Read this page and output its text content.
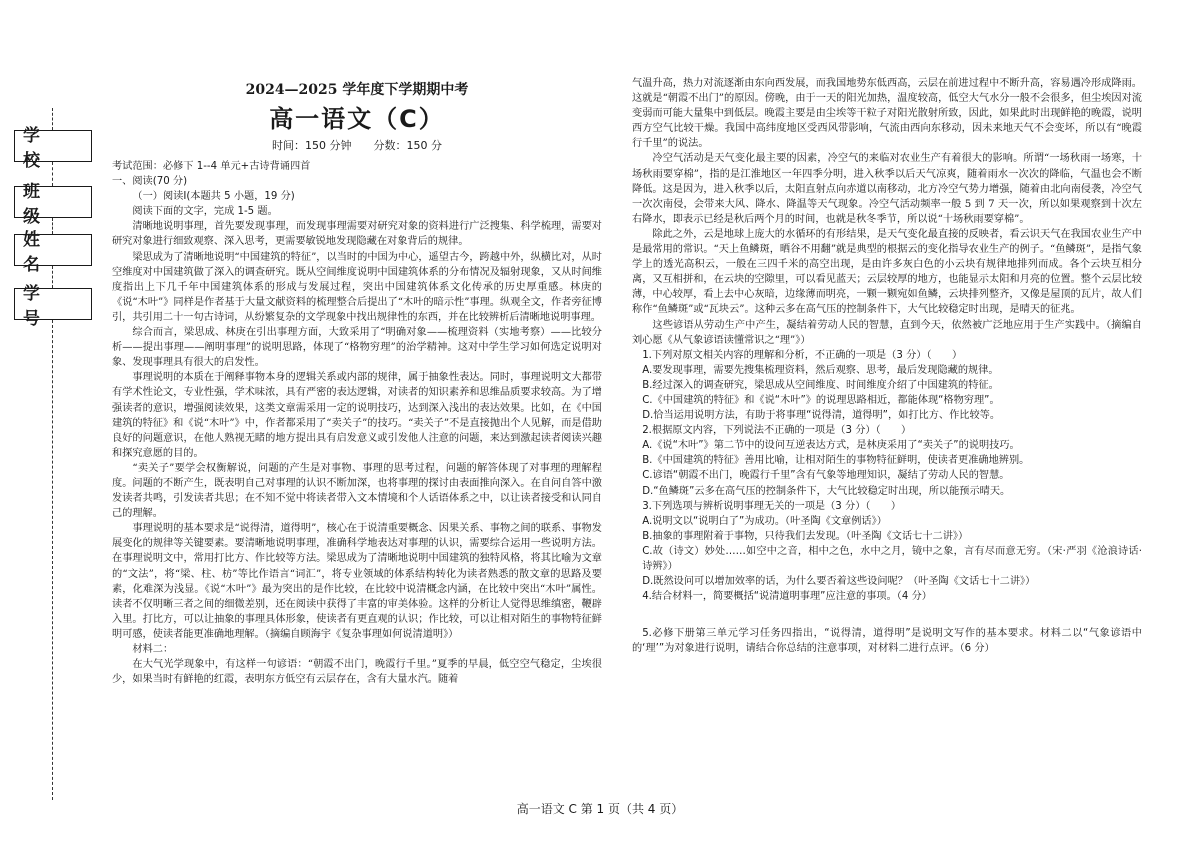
学 校
班 级
姓 名
学 号
2024—2025 学年度下学期期中考
高一语文（C）
时间：150 分钟　　分数：150 分

考试范围：必修下 1--4 单元+古诗背诵四首

一、阅读(70 分)

（一）阅读Ⅰ(本题共 5 小题，19 分)

阅读下面的文字，完成 1-5 题。

清晰地说明事理，首先要发现事理，而发现事理需要对研究对象的资料进行广泛搜集、科学梳理，需要对研究对象进行细致观察、深入思考，更需要敏锐地发现隐藏在对象背后的规律。

梁思成为了清晰地说明“中国建筑的特征”，以当时的中国为中心，遥望古今，跨越中外，纵横比对，从时空维度对中国建筑做了深入的调查研究。既从空间维度说明中国建筑体系的分布情况及辐射现象，又从时间维度指出上下几千年中国建筑体系的形成与发展过程，突出中国建筑体系文化传承的历史厚重感。林庚的《说“木叶”》同样是作者基于大量文献资料的梳理整合后提出了“木叶的暗示性”事理。纵观全文，作者旁征博引，共引用二十一句古诗词，从纷繁复杂的文学现象中找出规律性的东西，并在比较辨析后清晰地说明事理。

综合而言，梁思成、林庚在引出事理方面，大致采用了“明确对象——梳理资料（实地考察）——比较分析——提出事理——阐明事理”的说明思路，体现了“格物穷理”的治学精神。这对中学生学习如何选定说明对象、发现事理具有很大的启发性。

事理说明的本质在于阐释事物本身的逻辑关系或内部的规律，属于抽象性表达。同时，事理说明文大都带有学术性论文，专业性强，学术味浓，具有严密的表达逻辑，对读者的知识素养和思维品质要求较高。为了增强读者的意识，增强阅读效果，这类文章需采用一定的说明技巧，达到深入浅出的表达效果。比如，在《中国建筑的特征》和《说“木叶”》中，作者都采用了“卖关子”的技巧。“卖关子”不是直接抛出个人见解，而是借助良好的问题意识，在他人熟视无睹的地方提出具有启发意义或引发他人注意的问题，来达到激起读者阅读兴趣和探究意愿的目的。

“卖关子”要学会权衡解说，问题的产生是对事物、事理的思考过程，问题的解答体现了对事理的理解程度。问题的不断产生，既表明自己对事理的认识不断加深，也将事理的探讨由表面推向深入。在自问自答中激发读者共鸣，引发读者共思；在不知不觉中将读者带入文本情境和个人话语体系之中，以让读者接受和认同自己的理解。

事理说明的基本要求是“说得清，道得明”，核心在于说清重要概念、因果关系、事物之间的联系、事物发展变化的规律等关键要素。要清晰地说明事理，准确科学地表达对事理的认识，需要综合运用一些说明方法。在事理说明文中，常用打比方、作比较等方法。梁思成为了清晰地说明中国建筑的独特风格，将其比喻为文章的“文法”，将“梁、柱、枋”等比作语言“词汇”，将专业领域的体系结构转化为读者熟悉的散文章的思路及要素，化难深为浅显。《说“木叶”》最为突出的是作比较，在比较中说清概念内涵，在比较中突出“木叶”属性。读者不仅明晰三者之间的细微差别，还在阅读中获得了丰富的审美体验。这样的分析让人觉得思维缜密，鞭辟入里。打比方，可以让抽象的事理具体形象，使读者有更直观的认识；作比较，可以让相对陌生的事物特征鲜明可感，使读者能更准确地理解。（摘编自顾海宇《复杂事理如何说清道明》）

材料二：

在大气光学现象中，有这样一句谚语：“朝霞不出门，晚霞行千里。”夏季的早晨，低空空气稳定，尘埃很少，如果当时有鲜艳的红霞，表明东方低空有云层存在，含有大量水汽。随着

气温升高，热力对流逐渐由东向西发展，而我国地势东低西高，云层在前进过程中不断升高，容易遇冷形成降雨。这就是“朝霞不出门”的原因。傍晚，由于一天的阳光加热，温度较高，低空大气水分一般不会很多，但尘埃因对流变弱而可能大量集中到低层。晚霞主要是由尘埃等干粒子对阳光散射所致，因此，如果此时出现鲜艳的晚霞，说明西方空气比较干燥。我国中高纬度地区受西风带影响，气流由西向东移动，因未来地天气不会变坏，所以有“晚霞行千里”的说法。

冷空气活动是天气变化最主要的因素，冷空气的来临对农业生产有着很大的影响。所谓“一场秋雨一场寒，十场秋雨要穿棉”，指的是江淮地区一年四季分明，进入秋季以后天气凉爽，随着雨水一次次的降临，气温也会不断降低。这是因为，进入秋季以后，太阳直射点向赤道以南移动，北方冷空气势力增强，随着由北向南侵袭，冷空气一次次南侵，会带来大风、降水、降温等天气现象。冷空气活动频率一般 5 到 7 天一次，所以如果观察到十次左右降水，即表示已经是秋后两个月的时间，也就是秋冬季节，所以说“十场秋雨要穿棉”。

除此之外，云是地球上庞大的水循环的有形结果，是天气变化最直接的反映者，看云识天气在我国农业生产中是最常用的常识。“天上鱼鳞斑，晒谷不用翻”就是典型的根据云的变化指导农业生产的例子。“鱼鳞斑”，是指气象学上的透光高积云，一般在三四千米的高空出现，是由许多灰白色的小云块有规律地排列而成。各个云块互相分离，又互相拼和，在云块的空隙里，可以看见蓝天；云层较厚的地方，也能显示太阳和月亮的位置。整个云层比较薄，中心较厚，看上去中心灰暗，边缘薄而明亮，一颗一颗宛如鱼鳞，云块排列整齐，又像是屋顶的瓦片，故人们称作“鱼鳞斑”或“瓦块云”。这种云多在高气压的控制条件下，大气比较稳定时出现，是晴天的征兆。

这些谚语从劳动生产中产生，凝结着劳动人民的智慧，直到今天，依然被广泛地应用于生产实践中。（摘编自刘心愿《从气象谚语读懂常识之“理”》）

1.下列对原文相关内容的理解和分析，不正确的一项是（3 分）（　　）

A.要发现事理，需要先搜集梳理资料，然后观察、思考，最后发现隐藏的规律。

B.经过深入的调查研究，梁思成从空间维度、时间维度介绍了中国建筑的特征。

C.《中国建筑的特征》和《说“木叶”》的说理思路相近，都能体现“格物穷理”。

D.恰当运用说明方法，有助于将事理“说得清，道得明”，如打比方、作比较等。

2.根据原文内容，下列说法不正确的一项是（3 分）（　　）

A.《说“木叶”》第二节中的设问互逆表达方式，是林庚采用了“卖关子”的说明技巧。

B.《中国建筑的特征》善用比喻，让相对陌生的事物特征鲜明，使读者更准确地辨别。

C.谚语“朝霞不出门，晚霞行千里”含有气象等地理知识，凝结了劳动人民的智慧。

D.“鱼鳞斑”云多在高气压的控制条件下，大气比较稳定时出现，所以能预示晴天。

3.下列选项与辨析说明事理无关的一项是（3 分）（　　）

A.说明文以“说明白了”为成功。（叶圣陶《文章例话》）

B.抽象的事理附着于事物，只待我们去发现。（叶圣陶《文话七十二讲》）

C.故（诗文）妙处……如空中之音，相中之色，水中之月，镜中之象，言有尽而意无穷。（宋·严羽《沧浪诗话·诗辨》）

D.既然设问可以增加效率的话，为什么要否着这些设问呢？（叶圣陶《文话七十二讲》）

4.结合材料一，简要概括“说清道明事理”应注意的事项。（4 分）

5.必修下册第三单元学习任务四指出，“说得清，道得明”是说明文写作的基本要求。材料二以“气象谚语中的‘理’”为对象进行说明，请结合你总结的注意事项，对材料二进行点评。（6 分）

高一语文 C 第 1 页（共 4 页）
